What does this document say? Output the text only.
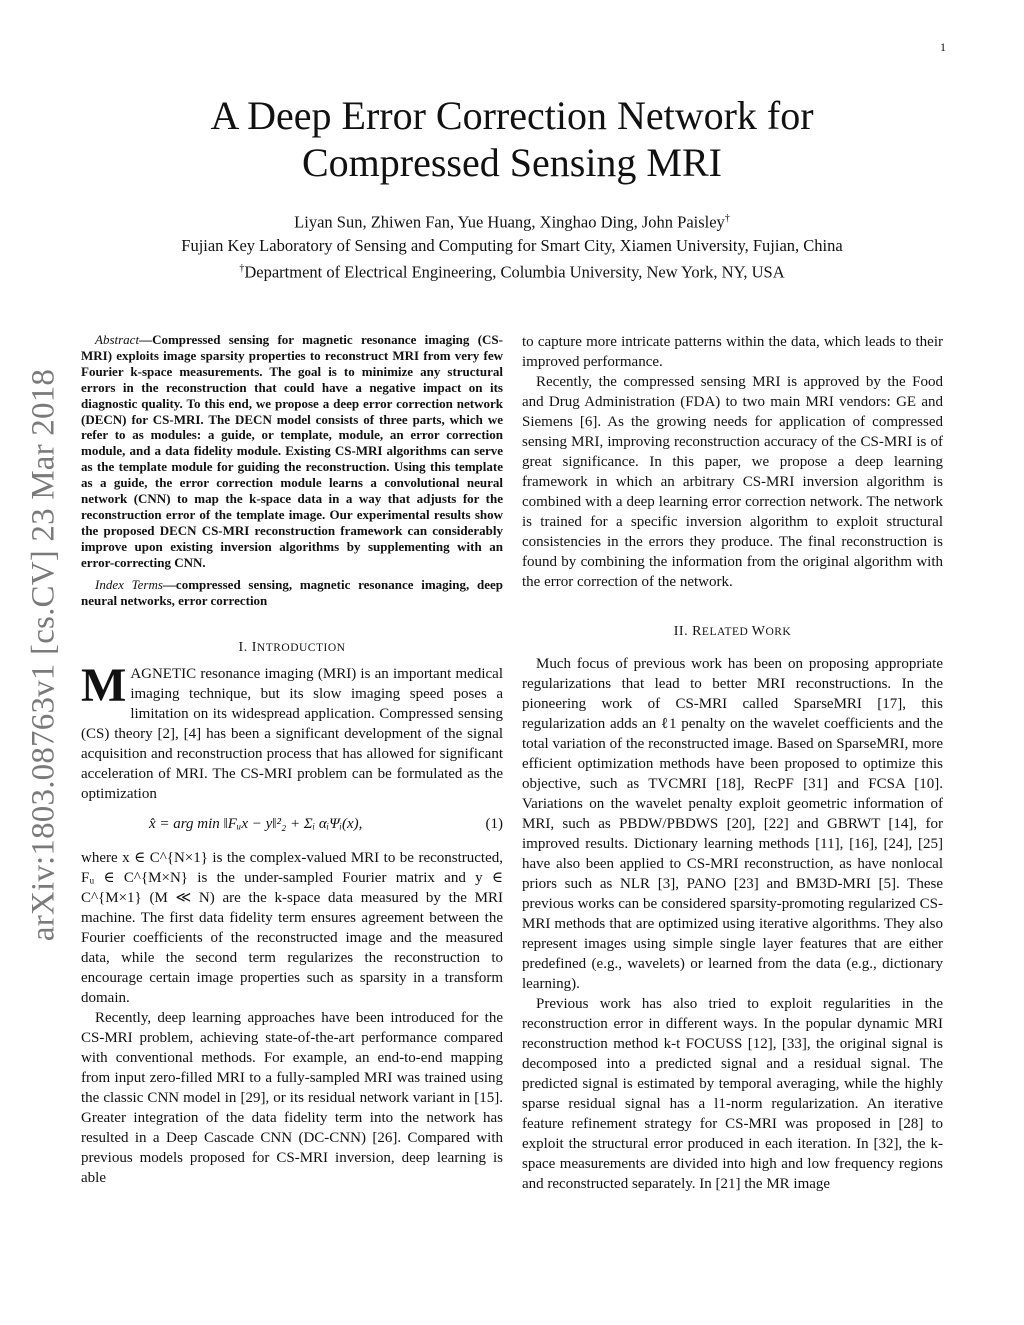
1
arXiv:1803.08763v1 [cs.CV] 23 Mar 2018
A Deep Error Correction Network for
Compressed Sensing MRI
Liyan Sun, Zhiwen Fan, Yue Huang, Xinghao Ding, John Paisley†
Fujian Key Laboratory of Sensing and Computing for Smart City, Xiamen University, Fujian, China
†Department of Electrical Engineering, Columbia University, New York, NY, USA

Abstract—Compressed sensing for magnetic resonance imaging (CS-MRI) exploits image sparsity properties to reconstruct MRI from very few Fourier k-space measurements. The goal is to minimize any structural errors in the reconstruction that could have a negative impact on its diagnostic quality. To this end, we propose a deep error correction network (DECN) for CS-MRI. The DECN model consists of three parts, which we refer to as modules: a guide, or template, module, an error correction module, and a data fidelity module. Existing CS-MRI algorithms can serve as the template module for guiding the reconstruction. Using this template as a guide, the error correction module learns a convolutional neural network (CNN) to map the k-space data in a way that adjusts for the reconstruction error of the template image. Our experimental results show the proposed DECN CS-MRI reconstruction framework can considerably improve upon existing inversion algorithms by supplementing with an error-correcting CNN.

Index Terms—compressed sensing, magnetic resonance imaging, deep neural networks, error correction

I. INTRODUCTION

MAGNETIC resonance imaging (MRI) is an important medical imaging technique, but its slow imaging speed poses a limitation on its widespread application. Compressed sensing (CS) theory [2], [4] has been a significant development of the signal acquisition and reconstruction process that has allowed for significant acceleration of MRI. The CS-MRI problem can be formulated as the optimization

x̂ = arg min ‖Fᵤx − y‖²₂ + Σᵢ αᵢΨᵢ(x),	(1)

where x ∈ C^{N×1} is the complex-valued MRI to be reconstructed, Fᵤ ∈ C^{M×N} is the under-sampled Fourier matrix and y ∈ C^{M×1} (M ≪ N) are the k-space data measured by the MRI machine. The first data fidelity term ensures agreement between the Fourier coefficients of the reconstructed image and the measured data, while the second term regularizes the reconstruction to encourage certain image properties such as sparsity in a transform domain.

Recently, deep learning approaches have been introduced for the CS-MRI problem, achieving state-of-the-art performance compared with conventional methods. For example, an end-to-end mapping from input zero-filled MRI to a fully-sampled MRI was trained using the classic CNN model in [29], or its residual network variant in [15]. Greater integration of the data fidelity term into the network has resulted in a Deep Cascade CNN (DC-CNN) [26]. Compared with previous models proposed for CS-MRI inversion, deep learning is able

to capture more intricate patterns within the data, which leads to their improved performance.

Recently, the compressed sensing MRI is approved by the Food and Drug Administration (FDA) to two main MRI vendors: GE and Siemens [6]. As the growing needs for application of compressed sensing MRI, improving reconstruction accuracy of the CS-MRI is of great significance. In this paper, we propose a deep learning framework in which an arbitrary CS-MRI inversion algorithm is combined with a deep learning error correction network. The network is trained for a specific inversion algorithm to exploit structural consistencies in the errors they produce. The final reconstruction is found by combining the information from the original algorithm with the error correction of the network.

II. RELATED WORK

Much focus of previous work has been on proposing appropriate regularizations that lead to better MRI reconstructions. In the pioneering work of CS-MRI called SparseMRI [17], this regularization adds an ℓ1 penalty on the wavelet coefficients and the total variation of the reconstructed image. Based on SparseMRI, more efficient optimization methods have been proposed to optimize this objective, such as TVCMRI [18], RecPF [31] and FCSA [10]. Variations on the wavelet penalty exploit geometric information of MRI, such as PBDW/PBDWS [20], [22] and GBRWT [14], for improved results. Dictionary learning methods [11], [16], [24], [25] have also been applied to CS-MRI reconstruction, as have nonlocal priors such as NLR [3], PANO [23] and BM3D-MRI [5]. These previous works can be considered sparsity-promoting regularized CS-MRI methods that are optimized using iterative algorithms. They also represent images using simple single layer features that are either predefined (e.g., wavelets) or learned from the data (e.g., dictionary learning).

Previous work has also tried to exploit regularities in the reconstruction error in different ways. In the popular dynamic MRI reconstruction method k-t FOCUSS [12], [33], the original signal is decomposed into a predicted signal and a residual signal. The predicted signal is estimated by temporal averaging, while the highly sparse residual signal has a l1-norm regularization. An iterative feature refinement strategy for CS-MRI was proposed in [28] to exploit the structural error produced in each iteration. In [32], the k-space measurements are divided into high and low frequency regions and reconstructed separately. In [21] the MR image
